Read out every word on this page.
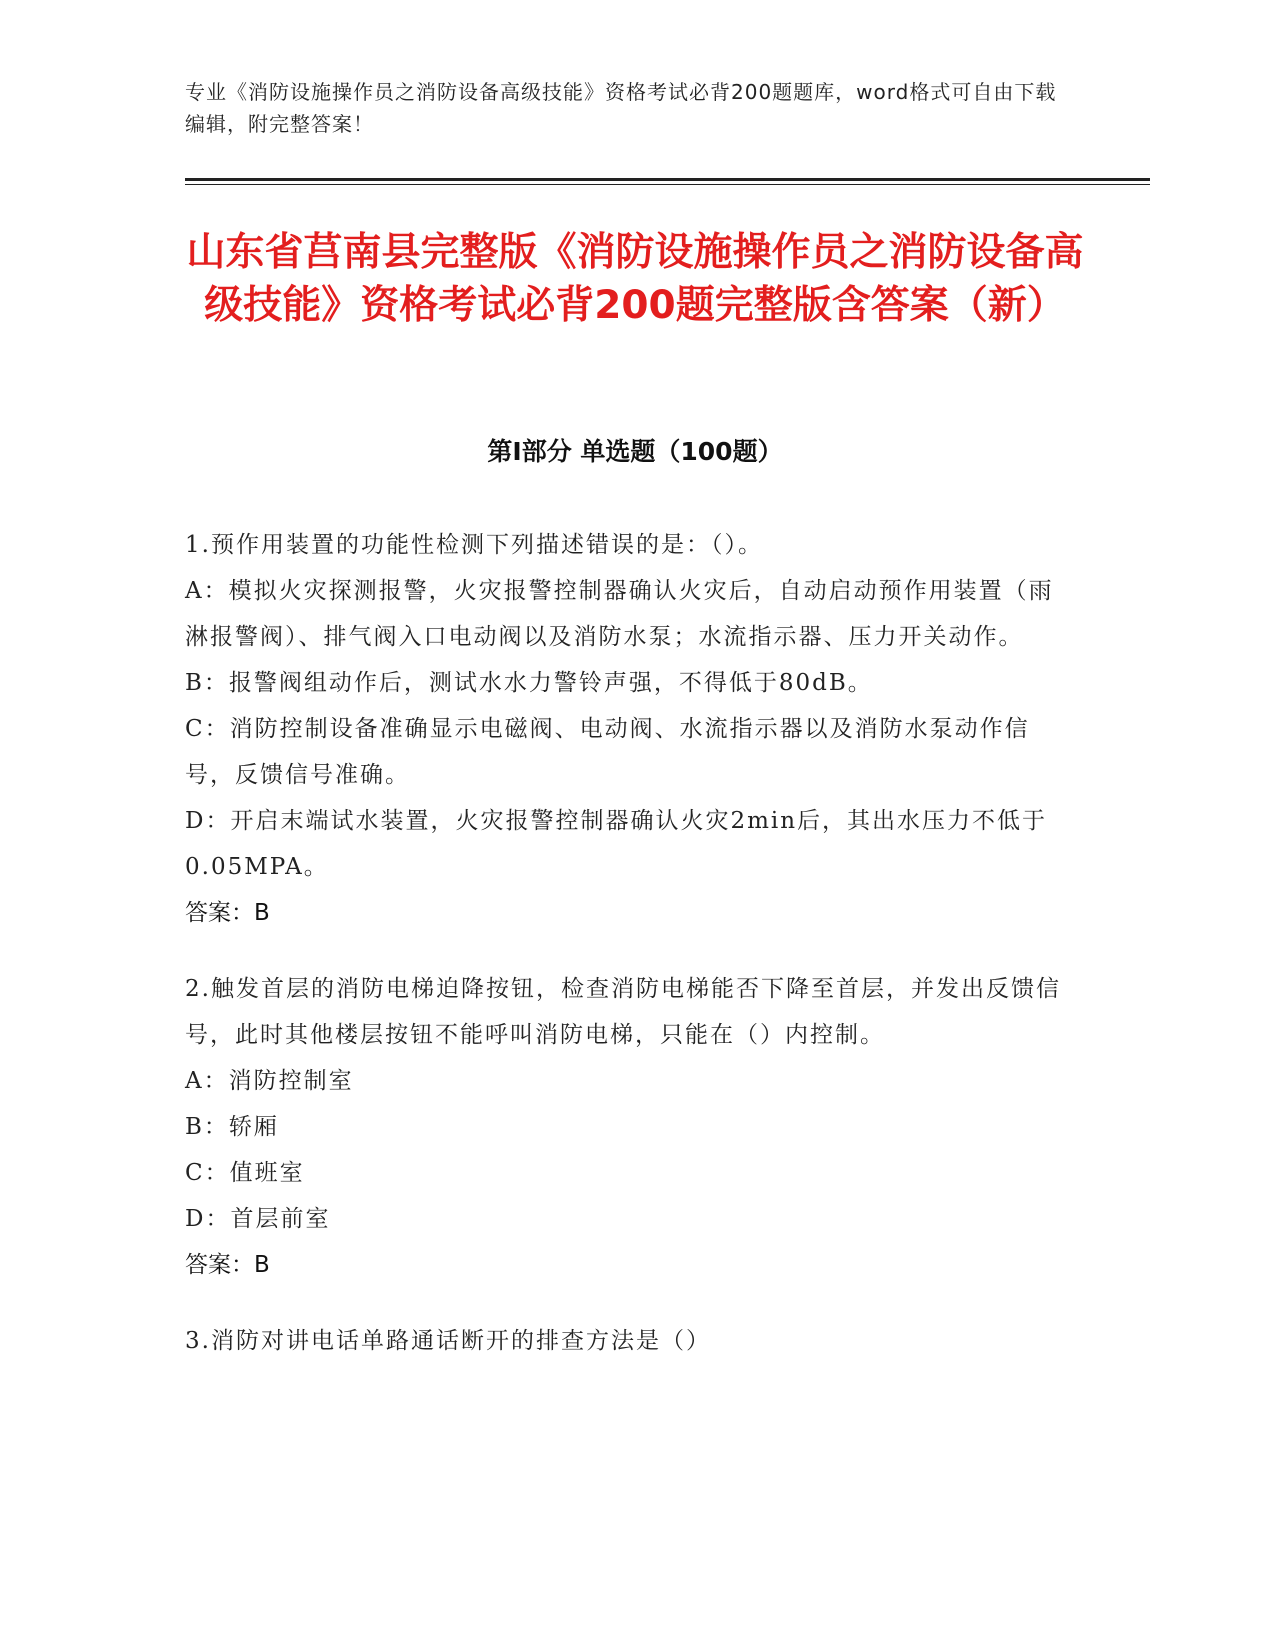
专业《消防设施操作员之消防设备高级技能》资格考试必背200题题库，word格式可自由下载编辑，附完整答案！
山东省莒南县完整版《消防设施操作员之消防设备高级技能》资格考试必背200题完整版含答案（新）
第I部分 单选题（100题）
1.预作用装置的功能性检测下列描述错误的是：（）。
A：模拟火灾探测报警，火灾报警控制器确认火灾后，自动启动预作用装置（雨淋报警阀）、排气阀入口电动阀以及消防水泵；水流指示器、压力开关动作。
B：报警阀组动作后，测试水水力警铃声强，不得低于80dB。
C：消防控制设备准确显示电磁阀、电动阀、水流指示器以及消防水泵动作信号，反馈信号准确。
D：开启末端试水装置，火灾报警控制器确认火灾2min后，其出水压力不低于0.05MPA。
答案：B
2.触发首层的消防电梯迫降按钮，检查消防电梯能否下降至首层，并发出反馈信号，此时其他楼层按钮不能呼叫消防电梯，只能在（）内控制。
A：消防控制室
B：轿厢
C：值班室
D：首层前室
答案：B
3.消防对讲电话单路通话断开的排查方法是（）
